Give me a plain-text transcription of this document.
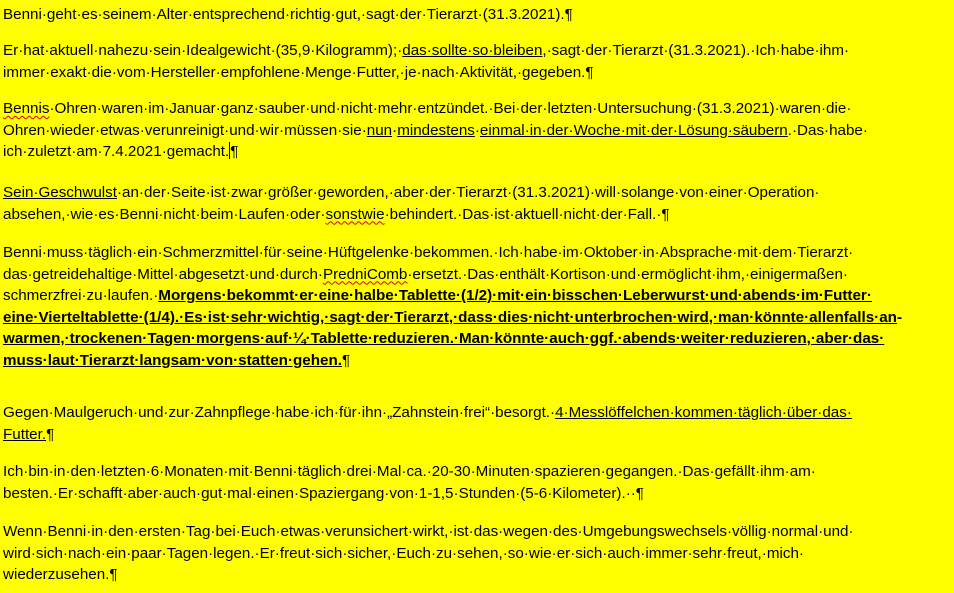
Benni·geht·es·seinem·Alter·entsprechend·richtig·gut,·sagt·der·Tierarzt·(31.3.2021).¶

Er·hat·aktuell·nahezu·sein·Idealgewicht·(35,9·Kilogramm);·das·sollte·so·bleiben,·sagt·der·Tierarzt·(31.3.2021).·Ich·habe·ihm·
immer·exakt·die·vom·Hersteller·empfohlene·Menge·Futter,·je·nach·Aktivität,·gegeben.¶

Bennis·Ohren·waren·im·Januar·ganz·sauber·und·nicht·mehr·entzündet.·Bei·der·letzten·Untersuchung·(31.3.2021)·waren·die·
Ohren·wieder·etwas·verunreinigt·und·wir·müssen·sie·nun·mindestens·einmal·in·der·Woche·mit·der·Lösung·säubern.·Das·habe·
ich·zuletzt·am·7.4.2021·gemacht.¶

Sein·Geschwulst·an·der·Seite·ist·zwar·größer·geworden,·aber·der·Tierarzt·(31.3.2021)·will·solange·von·einer·Operation·
absehen,·wie·es·Benni·nicht·beim·Laufen·oder·sonstwie·behindert.·Das·ist·aktuell·nicht·der·Fall.·¶

Benni·muss·täglich·ein·Schmerzmittel·für·seine·Hüftgelenke·bekommen.·Ich·habe·im·Oktober·in·Absprache·mit·dem·Tierarzt·
das·getreidehaltige·Mittel·abgesetzt·und·durch·PredniComb·ersetzt.·Das·enthält·Kortison·und·ermöglicht·ihm,·einigermaßen·
schmerzfrei·zu·laufen.·Morgens·bekommt·er·eine·halbe·Tablette·(1/2)·mit·ein·bisschen·Leberwurst·und·abends·im·Futter·
eine·Vierteltablette·(1/4).·Es·ist·sehr·wichtig,·sagt·der·Tierarzt,·dass·dies·nicht·unterbrochen·wird,·man·könnte·allenfalls·an-
warmen,·trockenen·Tagen·morgens·auf·¼·Tablette·reduzieren.·Man·könnte·auch·ggf.·abends·weiter·reduzieren,·aber·das·
muss·laut·Tierarzt·langsam·von·statten·gehen.¶

Gegen·Maulgeruch·und·zur·Zahnpflege·habe·ich·für·ihn·„Zahnstein·frei“·besorgt.·4·Messlöffelchen·kommen·täglich·über·das·
Futter.¶

Ich·bin·in·den·letzten·6·Monaten·mit·Benni·täglich·drei·Mal·ca.·20-30·Minuten·spazieren·gegangen.·Das·gefällt·ihm·am·
besten.·Er·schafft·aber·auch·gut·mal·einen·Spaziergang·von·1-1,5·Stunden·(5-6·Kilometer).··¶

Wenn·Benni·in·den·ersten·Tag·bei·Euch·etwas·verunsichert·wirkt,·ist·das·wegen·des·Umgebungswechsels·völlig·normal·und·
wird·sich·nach·ein·paar·Tagen·legen.·Er·freut·sich·sicher,·Euch·zu·sehen,·so·wie·er·sich·auch·immer·sehr·freut,·mich·
wiederzusehen.¶
